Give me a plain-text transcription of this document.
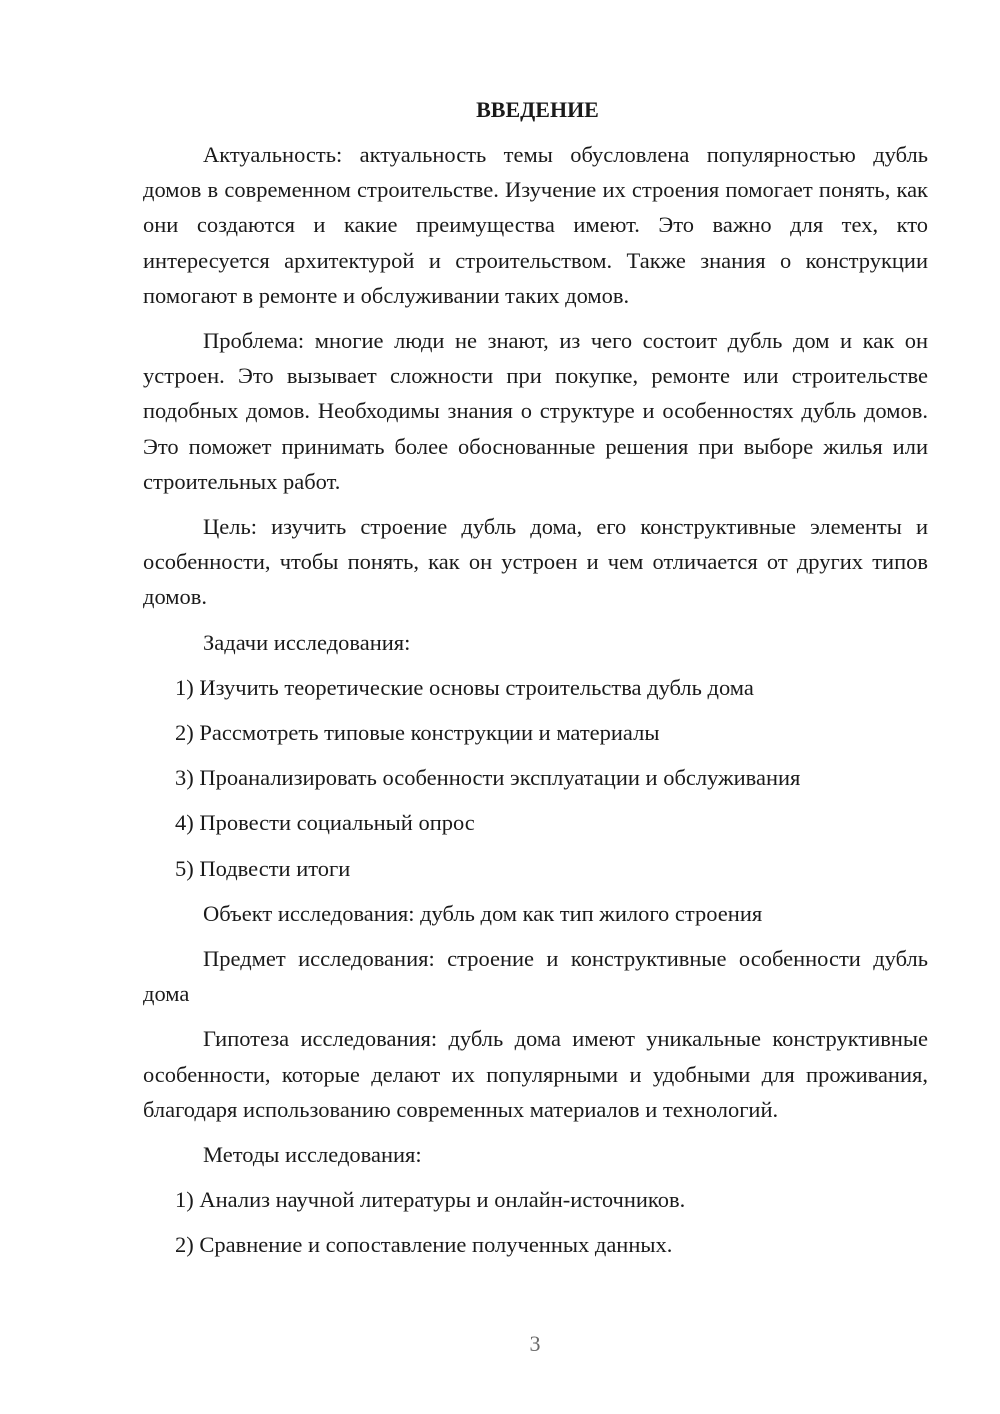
ВВЕДЕНИЕ

Актуальность: актуальность темы обусловлена популярностью дубль домов в современном строительстве. Изучение их строения помогает понять, как они создаются и какие преимущества имеют. Это важно для тех, кто интересуется архитектурой и строительством. Также знания о конструкции помогают в ремонте и обслуживании таких домов.

Проблема: многие люди не знают, из чего состоит дубль дом и как он устроен. Это вызывает сложности при покупке, ремонте или строительстве подобных домов. Необходимы знания о структуре и особенностях дубль домов. Это поможет принимать более обоснованные решения при выборе жилья или строительных работ.

Цель: изучить строение дубль дома, его конструктивные элементы и особенности, чтобы понять, как он устроен и чем отличается от других типов домов.

Задачи исследования:

1) Изучить теоретические основы строительства дубль дома

2) Рассмотреть типовые конструкции и материалы

3) Проанализировать особенности эксплуатации и обслуживания

4) Провести социальный опрос

5) Подвести итоги

Объект исследования: дубль дом как тип жилого строения

Предмет исследования: строение и конструктивные особенности дубль дома

Гипотеза исследования: дубль дома имеют уникальные конструктивные особенности, которые делают их популярными и удобными для проживания, благодаря использованию современных материалов и технологий.

Методы исследования:

1) Анализ научной литературы и онлайн-источников.

2) Сравнение и сопоставление полученных данных.

3
